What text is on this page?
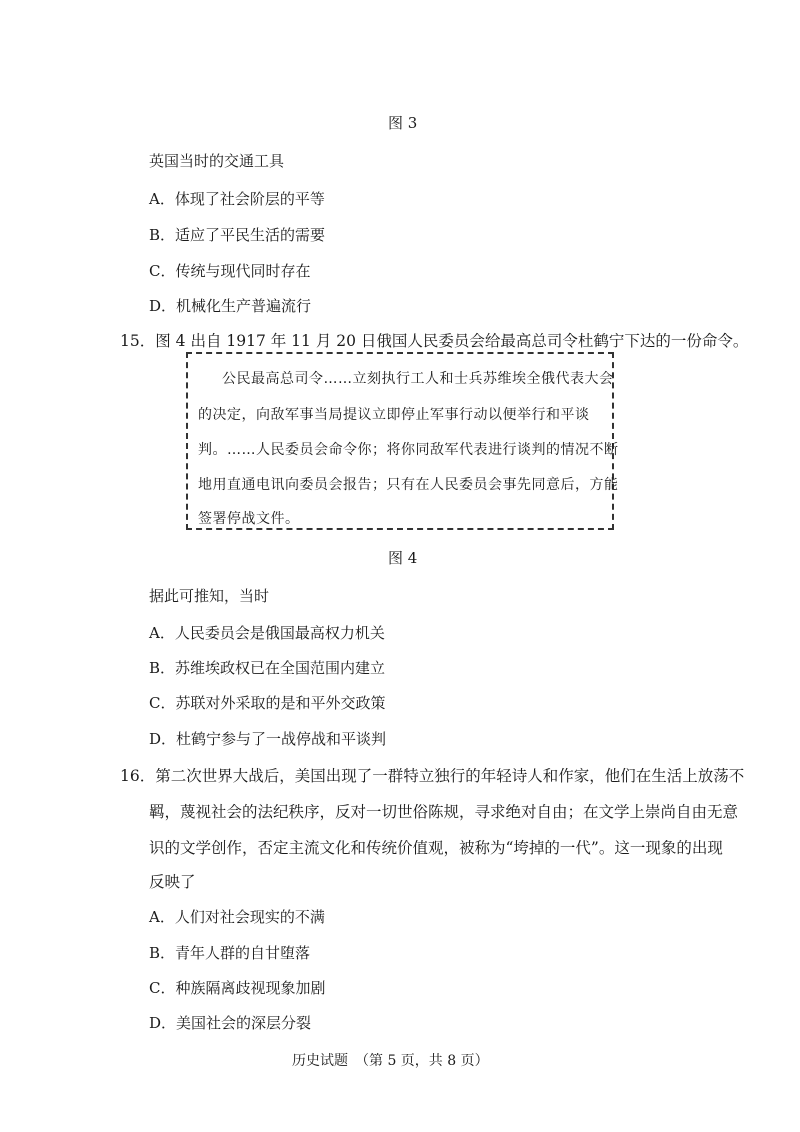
图 3
英国当时的交通工具
A．体现了社会阶层的平等
B．适应了平民生活的需要
C．传统与现代同时存在
D．机械化生产普遍流行
15．图 4 出自 1917 年 11 月 20 日俄国人民委员会给最高总司令杜鹤宁下达的一份命令。
公民最高总司令……立刻执行工人和士兵苏维埃全俄代表大会
的决定，向敌军事当局提议立即停止军事行动以便举行和平谈
判。……人民委员会命令你；将你同敌军代表进行谈判的情况不断
地用直通电讯向委员会报告；只有在人民委员会事先同意后，方能
签署停战文件。
图 4
据此可推知，当时
A．人民委员会是俄国最高权力机关
B．苏维埃政权已在全国范围内建立
C．苏联对外采取的是和平外交政策
D．杜鹤宁参与了一战停战和平谈判
16．第二次世界大战后，美国出现了一群特立独行的年轻诗人和作家，他们在生活上放荡不
羁，蔑视社会的法纪秩序，反对一切世俗陈规，寻求绝对自由；在文学上崇尚自由无意
识的文学创作，否定主流文化和传统价值观，被称为“垮掉的一代”。这一现象的出现
反映了
A．人们对社会现实的不满
B．青年人群的自甘堕落
C．种族隔离歧视现象加剧
D．美国社会的深层分裂
历史试题　（第 5 页，共 8 页）
